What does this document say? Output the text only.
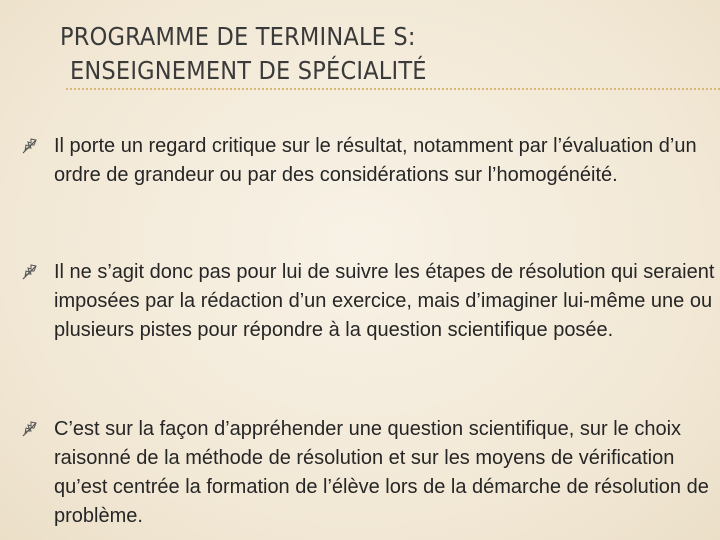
PROGRAMME DE TERMINALE S:
ENSEIGNEMENT DE SPÉCIALITÉ
Il porte un regard critique sur le résultat, notamment par l’évaluation d’un ordre de grandeur ou par des considérations sur l’homogénéité.
Il ne s’agit donc pas pour lui de suivre les étapes de résolution qui seraient imposées par la rédaction d’un exercice, mais d’imaginer lui-même une ou plusieurs pistes pour répondre à la question scientifique posée.
C’est sur la façon d’appréhender une question scientifique, sur le choix raisonné de la méthode de résolution et sur les moyens de vérification qu’est centrée la formation de l’élève lors de la démarche de résolution de problème.
